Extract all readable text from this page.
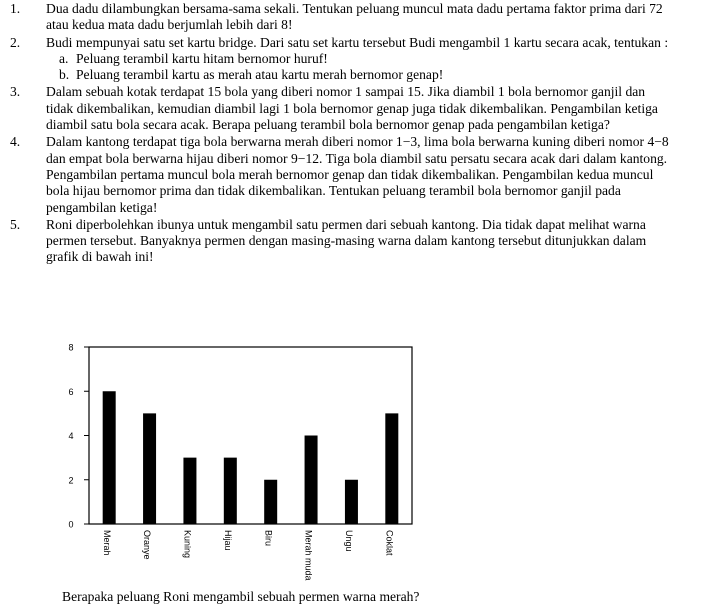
1. Dua dadu dilambungkan bersama-sama sekali. Tentukan peluang muncul mata dadu pertama faktor prima dari 72 atau kedua mata dadu berjumlah lebih dari 8!
2. Budi mempunyai satu set kartu bridge. Dari satu set kartu tersebut Budi mengambil 1 kartu secara acak, tentukan :
a. Peluang terambil kartu hitam bernomor huruf!
b. Peluang terambil kartu as merah atau kartu merah bernomor genap!
3. Dalam sebuah kotak terdapat 15 bola yang diberi nomor 1 sampai 15. Jika diambil 1 bola bernomor ganjil dan tidak dikembalikan, kemudian diambil lagi 1 bola bernomor genap juga tidak dikembalikan. Pengambilan ketiga diambil satu bola secara acak. Berapa peluang terambil bola bernomor genap pada pengambilan ketiga?
4. Dalam kantong terdapat tiga bola berwarna merah diberi nomor 1−3, lima bola berwarna kuning diberi nomor 4−8 dan empat bola berwarna hijau diberi nomor 9−12. Tiga bola diambil satu persatu secara acak dari dalam kantong. Pengambilan pertama muncul bola merah bernomor genap dan tidak dikembalikan. Pengambilan kedua muncul bola hijau bernomor prima dan tidak dikembalikan. Tentukan peluang terambil bola bernomor ganjil pada pengambilan ketiga!
5. Roni diperbolehkan ibunya untuk mengambil satu permen dari sebuah kantong. Dia tidak dapat melihat warna permen tersebut. Banyaknya permen dengan masing-masing warna dalam kantong tersebut ditunjukkan dalam grafik di bawah ini!
0
2
4
6
8
Merah	Oranye	Kuning	Hijau	Biru	Merah muda	Ungu	Coklat
Berapaka peluang Roni mengambil sebuah permen warna merah?
